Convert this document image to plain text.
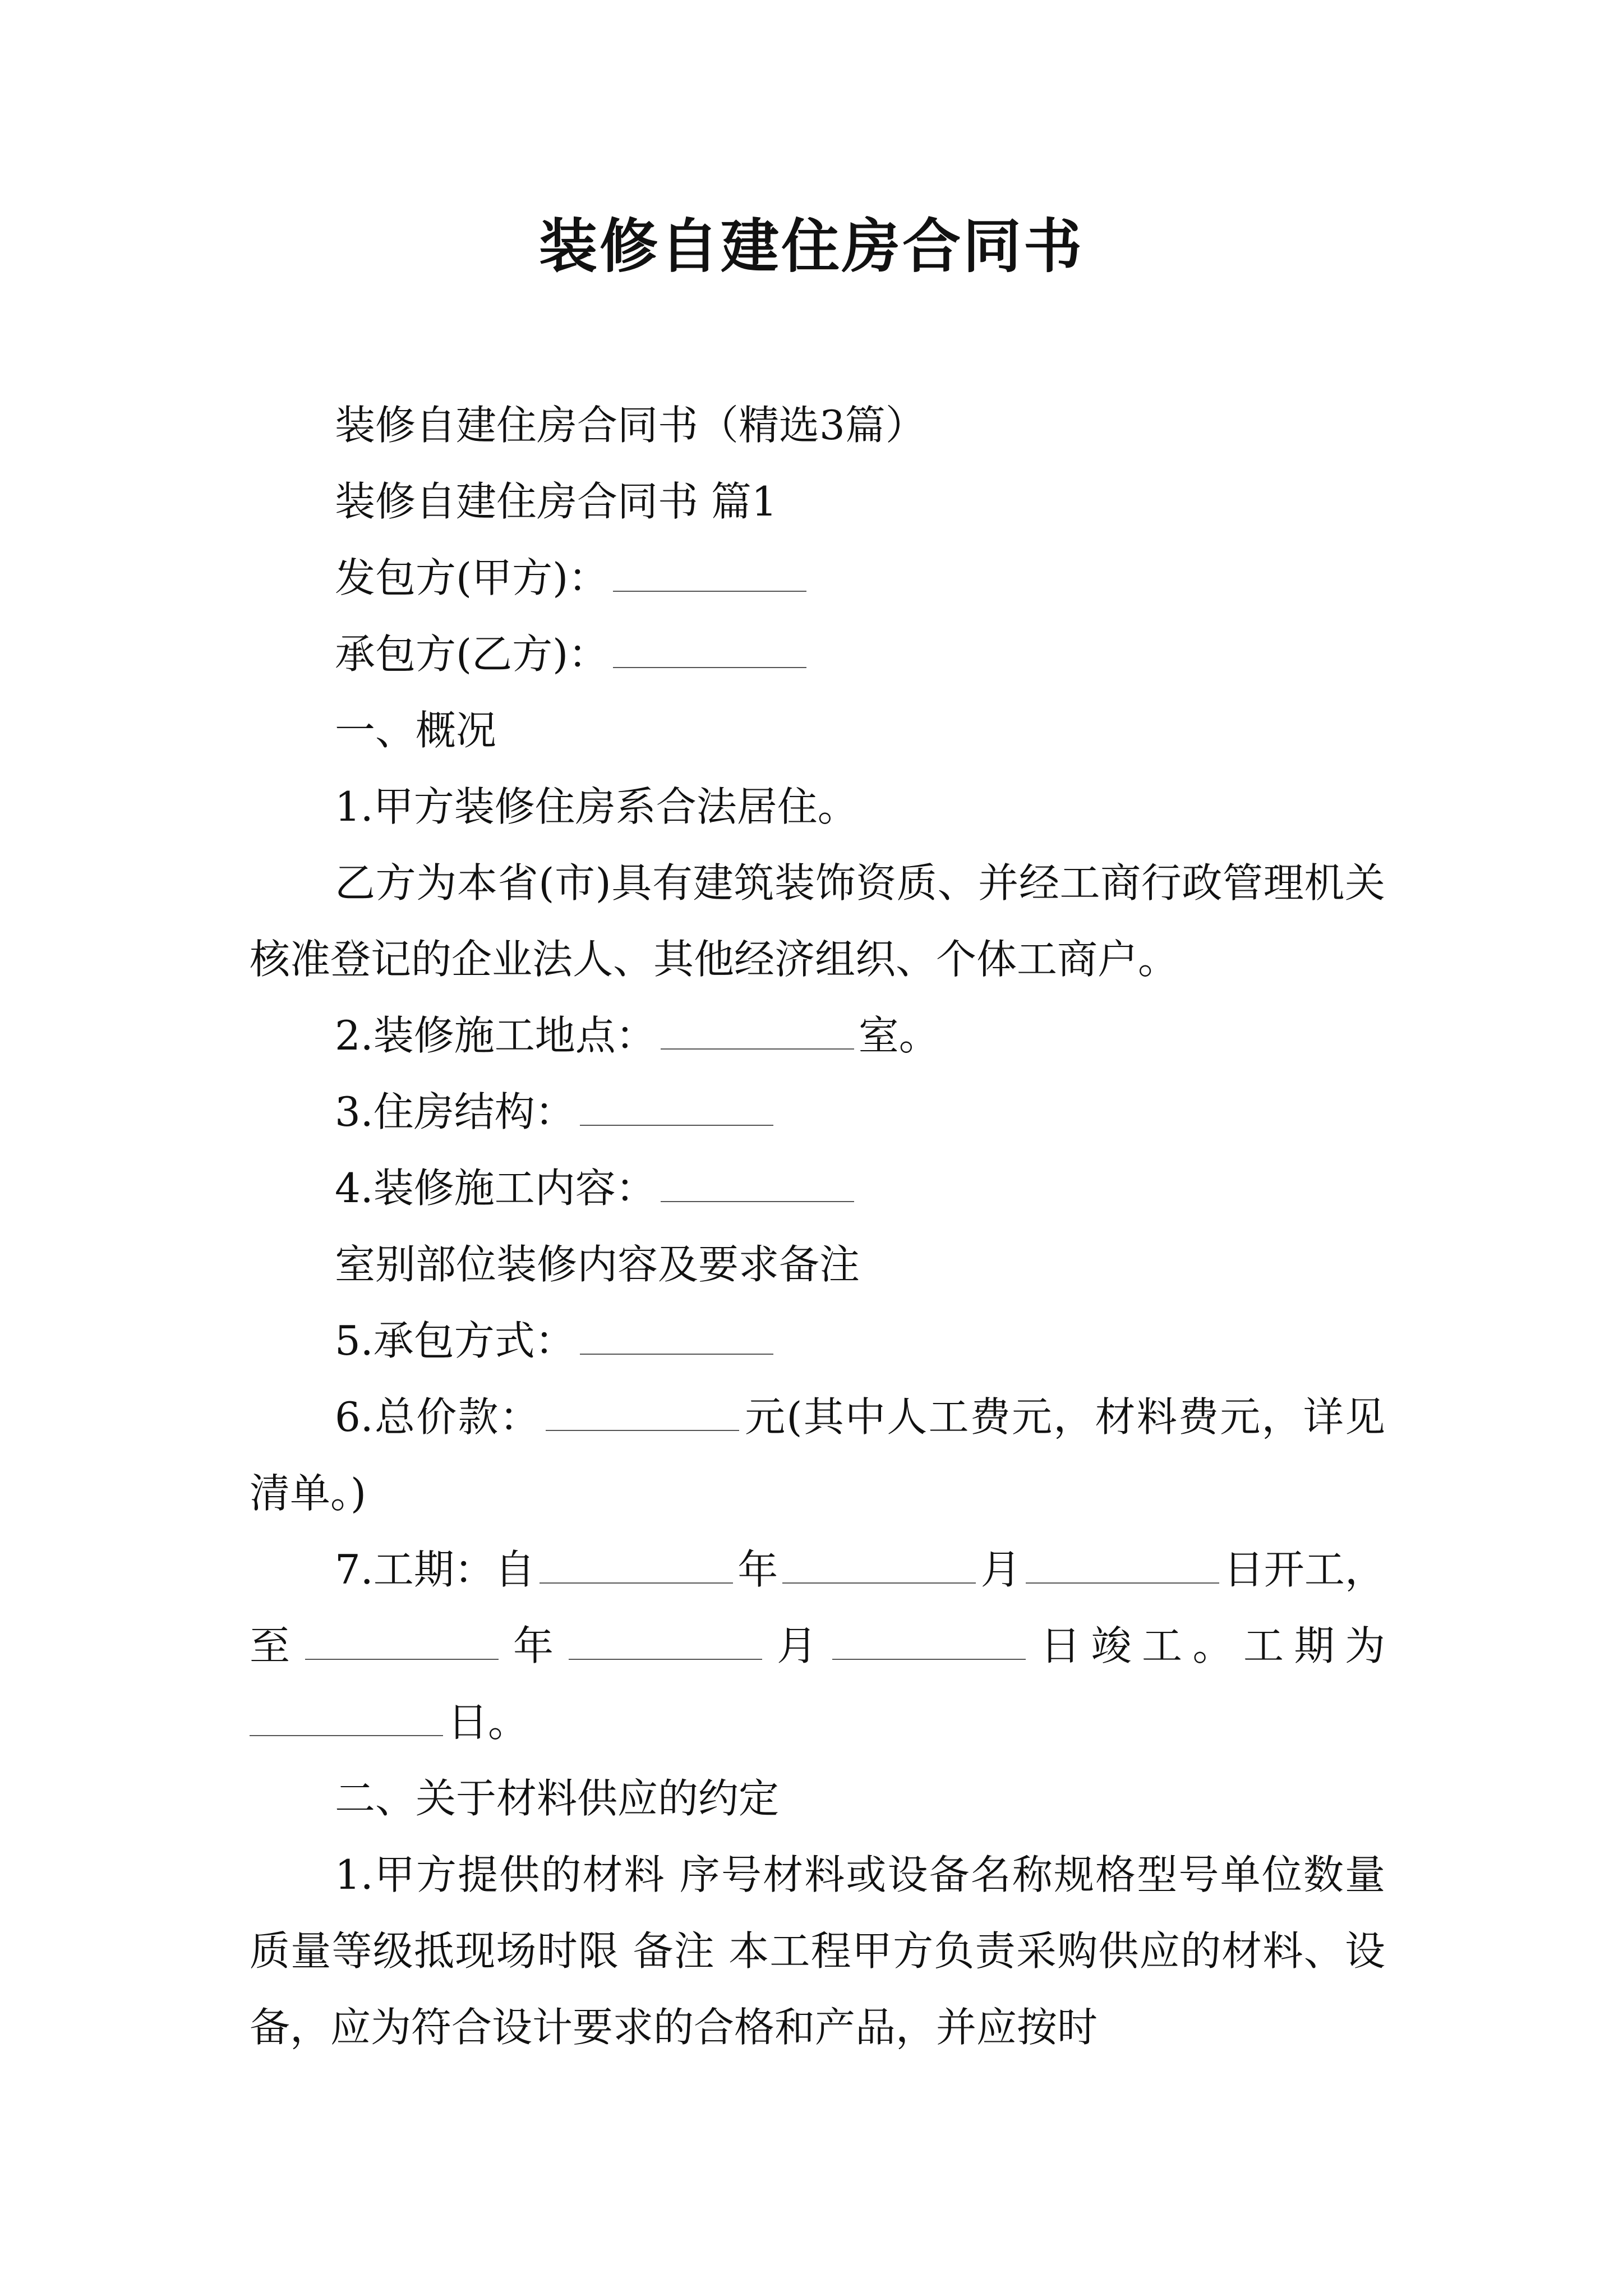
装修自建住房合同书

装修自建住房合同书（精选3篇）

装修自建住房合同书 篇1

发包方(甲方)：

承包方(乙方)：

一、概况

1.甲方装修住房系合法居住。

乙方为本省(市)具有建筑装饰资质、并经工商行政管理机关核准登记的企业法人、其他经济组织、个体工商户。

2.装修施工地点：	室。

3.住房结构：

4.装修施工内容：

室别部位装修内容及要求备注

5.承包方式：

6.总价款：	元(其中人工费元，材料费元，详见清单。)

7.工期：自	年	月	日开工，至	年	月	日竣工。工期为

日。

二、关于材料供应的约定

1.甲方提供的材料 序号材料或设备名称规格型号单位数量质量等级抵现场时限 备注 本工程甲方负责采购供应的材料、设备，应为符合设计要求的合格和产品，并应按时
